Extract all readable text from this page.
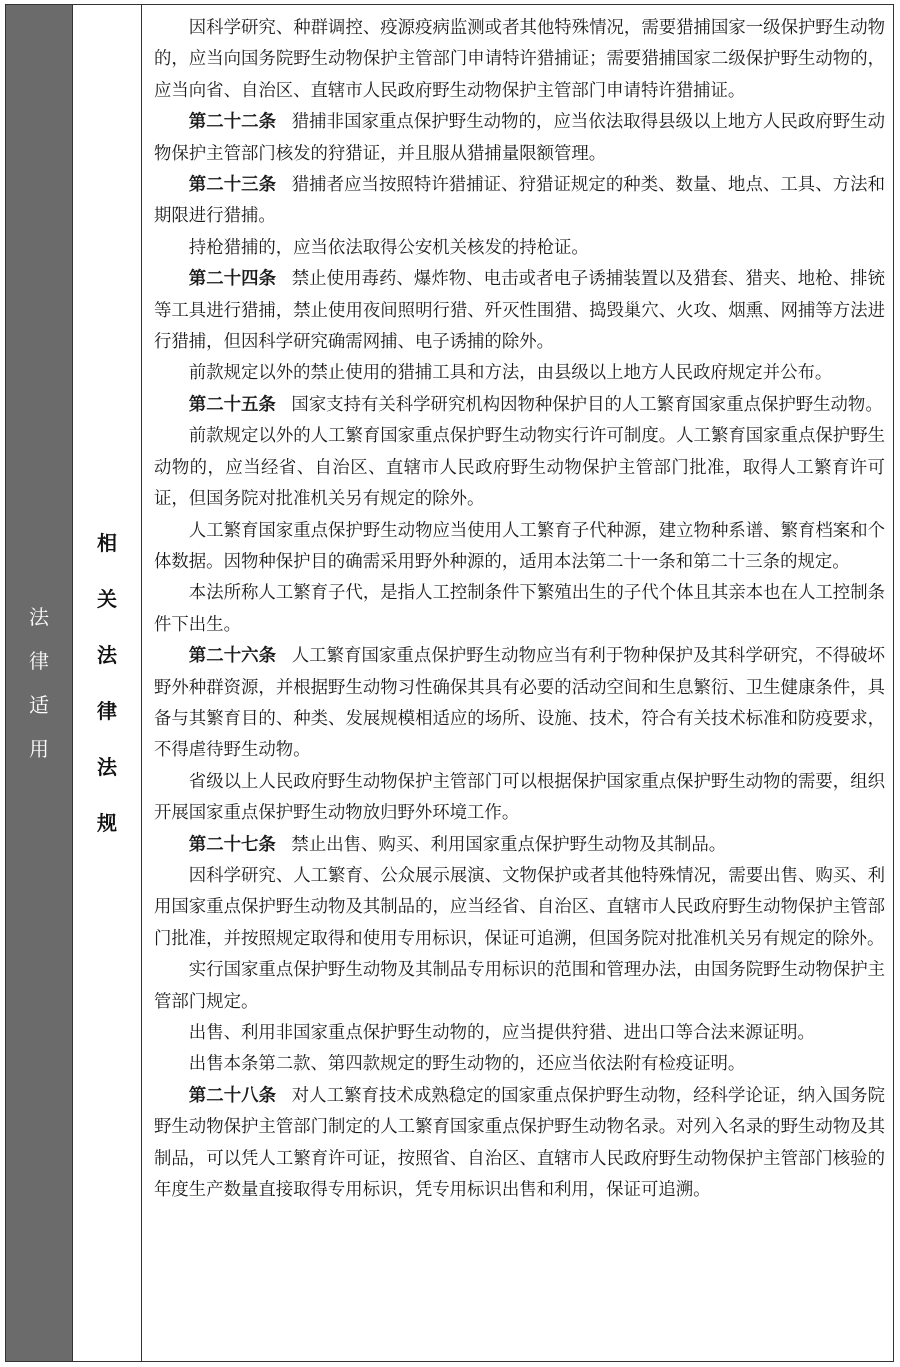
法律适用
相关法律法规

因科学研究、种群调控、疫源疫病监测或者其他特殊情况，需要猎捕国家一级保护野生动物的，应当向国务院野生动物保护主管部门申请特许猎捕证；需要猎捕国家二级保护野生动物的，应当向省、自治区、直辖市人民政府野生动物保护主管部门申请特许猎捕证。

第二十二条 猎捕非国家重点保护野生动物的，应当依法取得县级以上地方人民政府野生动物保护主管部门核发的狩猎证，并且服从猎捕量限额管理。

第二十三条 猎捕者应当按照特许猎捕证、狩猎证规定的种类、数量、地点、工具、方法和期限进行猎捕。

持枪猎捕的，应当依法取得公安机关核发的持枪证。

第二十四条 禁止使用毒药、爆炸物、电击或者电子诱捕装置以及猎套、猎夹、地枪、排铳等工具进行猎捕，禁止使用夜间照明行猎、歼灭性围猎、捣毁巢穴、火攻、烟熏、网捕等方法进行猎捕，但因科学研究确需网捕、电子诱捕的除外。

前款规定以外的禁止使用的猎捕工具和方法，由县级以上地方人民政府规定并公布。

第二十五条 国家支持有关科学研究机构因物种保护目的人工繁育国家重点保护野生动物。

前款规定以外的人工繁育国家重点保护野生动物实行许可制度。人工繁育国家重点保护野生动物的，应当经省、自治区、直辖市人民政府野生动物保护主管部门批准，取得人工繁育许可证，但国务院对批准机关另有规定的除外。

人工繁育国家重点保护野生动物应当使用人工繁育子代种源，建立物种系谱、繁育档案和个体数据。因物种保护目的确需采用野外种源的，适用本法第二十一条和第二十三条的规定。

本法所称人工繁育子代，是指人工控制条件下繁殖出生的子代个体且其亲本也在人工控制条件下出生。

第二十六条 人工繁育国家重点保护野生动物应当有利于物种保护及其科学研究，不得破坏野外种群资源，并根据野生动物习性确保其具有必要的活动空间和生息繁衍、卫生健康条件，具备与其繁育目的、种类、发展规模相适应的场所、设施、技术，符合有关技术标准和防疫要求，不得虐待野生动物。

省级以上人民政府野生动物保护主管部门可以根据保护国家重点保护野生动物的需要，组织开展国家重点保护野生动物放归野外环境工作。

第二十七条 禁止出售、购买、利用国家重点保护野生动物及其制品。

因科学研究、人工繁育、公众展示展演、文物保护或者其他特殊情况，需要出售、购买、利用国家重点保护野生动物及其制品的，应当经省、自治区、直辖市人民政府野生动物保护主管部门批准，并按照规定取得和使用专用标识，保证可追溯，但国务院对批准机关另有规定的除外。

实行国家重点保护野生动物及其制品专用标识的范围和管理办法，由国务院野生动物保护主管部门规定。

出售、利用非国家重点保护野生动物的，应当提供狩猎、进出口等合法来源证明。

出售本条第二款、第四款规定的野生动物的，还应当依法附有检疫证明。

第二十八条 对人工繁育技术成熟稳定的国家重点保护野生动物，经科学论证，纳入国务院野生动物保护主管部门制定的人工繁育国家重点保护野生动物名录。对列入名录的野生动物及其制品，可以凭人工繁育许可证，按照省、自治区、直辖市人民政府野生动物保护主管部门核验的年度生产数量直接取得专用标识，凭专用标识出售和利用，保证可追溯。
